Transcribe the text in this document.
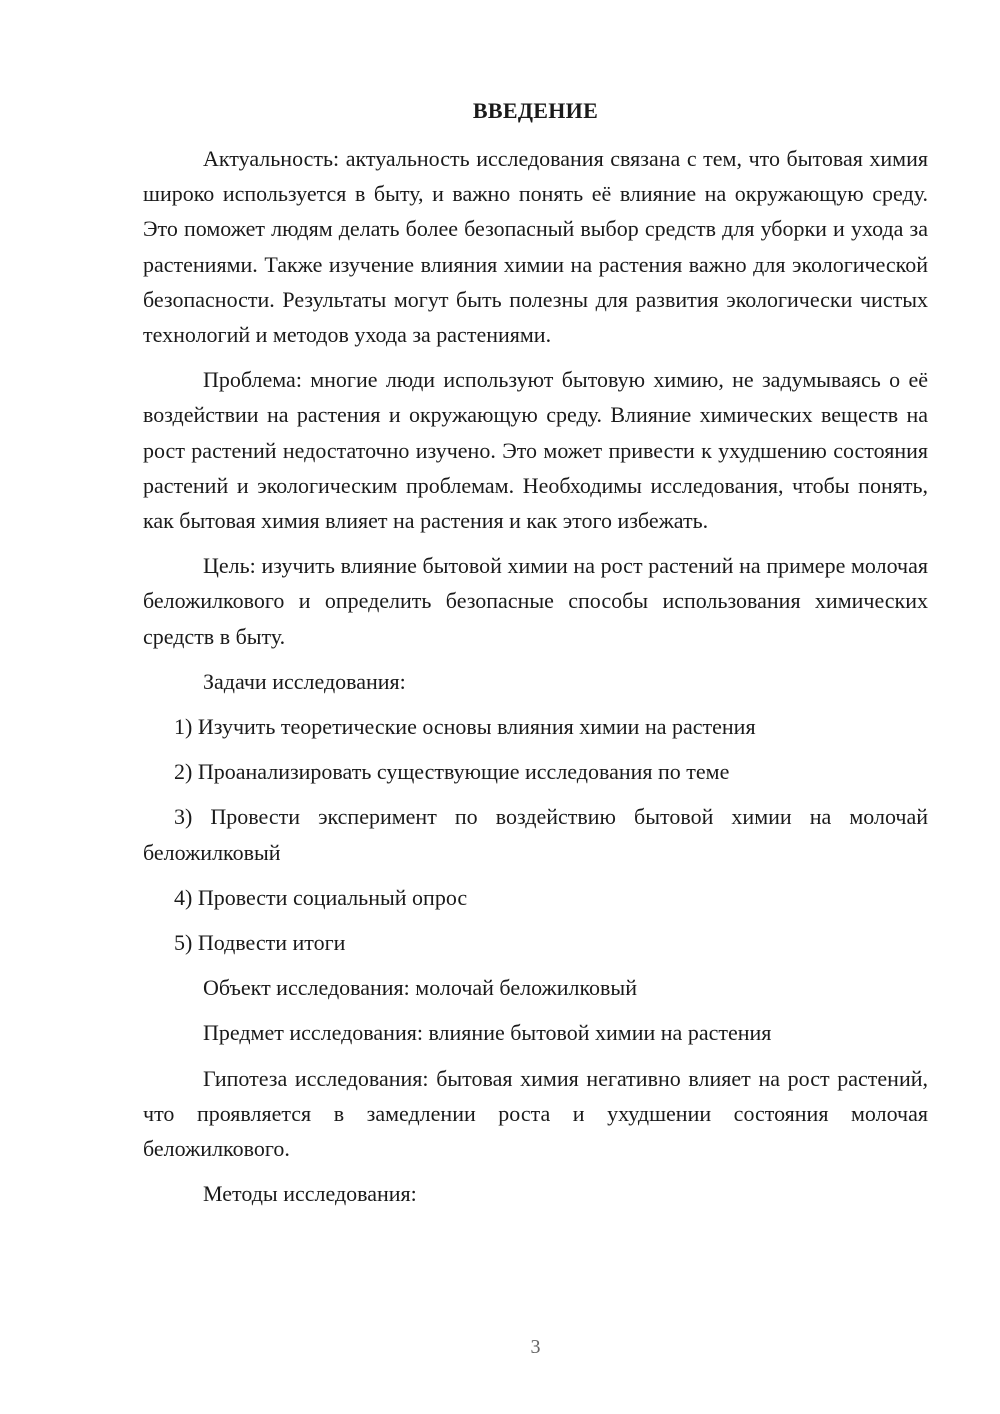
ВВЕДЕНИЕ

Актуальность: актуальность исследования связана с тем, что бытовая химия широко используется в быту, и важно понять её влияние на окружающую среду. Это поможет людям делать более безопасный выбор средств для уборки и ухода за растениями. Также изучение влияния химии на растения важно для экологической безопасности. Результаты могут быть полезны для развития экологически чистых технологий и методов ухода за растениями.

Проблема: многие люди используют бытовую химию, не задумываясь о её воздействии на растения и окружающую среду. Влияние химических веществ на рост растений недостаточно изучено. Это может привести к ухудшению состояния растений и экологическим проблемам. Необходимы исследования, чтобы понять, как бытовая химия влияет на растения и как этого избежать.

Цель: изучить влияние бытовой химии на рост растений на примере молочая беложилкового и определить безопасные способы использования химических средств в быту.

Задачи исследования:

1) Изучить теоретические основы влияния химии на растения

2) Проанализировать существующие исследования по теме

3) Провести эксперимент по воздействию бытовой химии на молочай беложилковый

4) Провести социальный опрос

5) Подвести итоги

Объект исследования: молочай беложилковый

Предмет исследования: влияние бытовой химии на растения

Гипотеза исследования: бытовая химия негативно влияет на рост растений, что проявляется в замедлении роста и ухудшении состояния молочая беложилкового.

Методы исследования:

3
